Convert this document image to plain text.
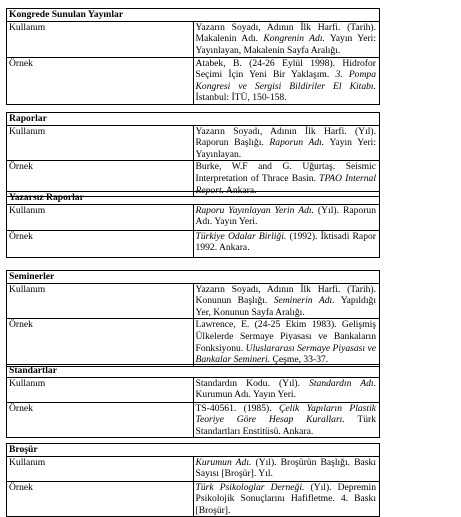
Kongrede Sunulan Yayınlar	
Kullanım	Yazarın Soyadı, Adının İlk Harfi. (Tarih). Makalenin Adı. Kongrenin Adı. Yayın Yeri: Yayınlayan, Makalenin Sayfa Aralığı.
Örnek	Atabek, B. (24-26 Eylül 1998). Hidrofor Seçimi İçin Yeni Bir Yaklaşım. 3. Pompa Kongresi ve Sergisi Bildiriler El Kitabı. İstanbul: İTÜ, 150-158.
Raporlar	
Kullanım	Yazarın Soyadı, Adının İlk Harfi. (Yıl). Raporun Başlığı. Raporun Adı. Yayın Yeri: Yayınlayan.
Örnek	Burke, W.F and G. Uğurtaş. Seismic Interpretation of Thrace Basin. TPAO Internal Report. Ankara.
Yazarsız Raporlar	
Kullanım	Raporu Yayınlayan Yerin Adı. (Yıl). Raporun Adı. Yayın Yeri.
Örnek	Türkiye Odalar Birliği. (1992). İktisadi Rapor 1992. Ankara.
Seminerler	
Kullanım	Yazarın Soyadı, Adının İlk Harfi. (Tarih). Konunun Başlığı. Seminerin Adı. Yapıldığı Yer, Konunun Sayfa Aralığı.
Örnek	Lawrence, E. (24-25 Ekim 1983). Gelişmiş Ülkelerde Sermaye Piyasası ve Bankaların Fonksiyonu. Uluslararası Sermaye Piyasası ve Bankalar Semineri. Çeşme, 33-37.
Standartlar	
Kullanım	Standardın Kodu. (Yıl). Standardın Adı. Kurumun Adı. Yayın Yeri.
Örnek	TS-40561. (1985). Çelik Yapıların Plastik Teoriye Göre Hesap Kuralları. Türk Standartları Enstitüsü. Ankara.
Broşür	
Kullanım	Kurumun Adı. (Yıl). Broşürün Başlığı. Baskı Sayısı [Broşür]. Yıl.
Örnek	Türk Psikologlar Derneği. (Yıl). Depremin Psikolojik Sonuçlarını Hafifletme. 4. Baskı [Broşür].
